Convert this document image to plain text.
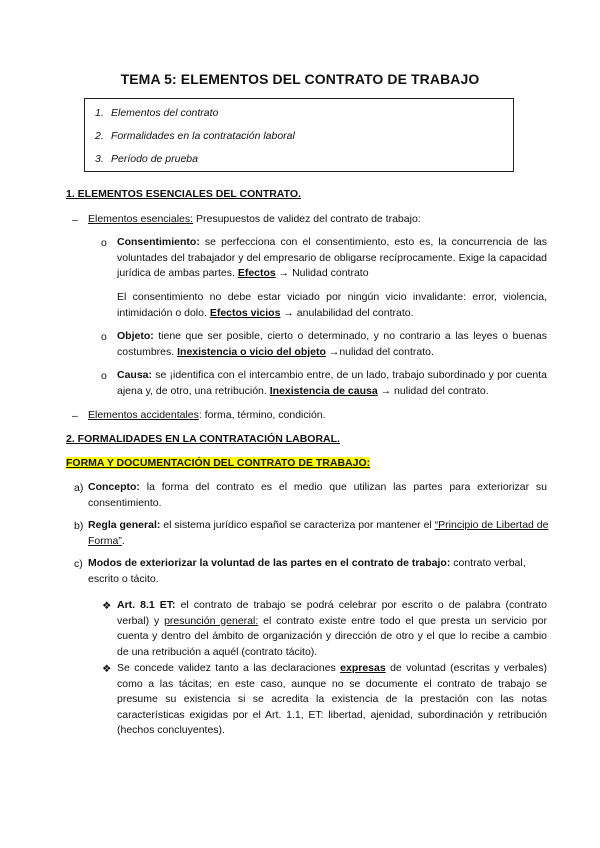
TEMA 5: ELEMENTOS DEL CONTRATO DE TRABAJO
1. Elementos del contrato
2. Formalidades en la contratación laboral
3. Período de prueba
1. ELEMENTOS ESENCIALES DEL CONTRATO.
– Elementos esenciales: Presupuestos de validez del contrato de trabajo:
o Consentimiento: se perfecciona con el consentimiento, esto es, la concurrencia de las voluntades del trabajador y del empresario de obligarse recíprocamente. Exige la capacidad jurídica de ambas partes. Efectos → Nulidad contrato
El consentimiento no debe estar viciado por ningún vicio invalidante: error, violencia, intimidación o dolo. Efectos vicios → anulabilidad del contrato.
o Objeto: tiene que ser posible, cierto o determinado, y no contrario a las leyes o buenas costumbres. Inexistencia o vicio del objeto →nulidad del contrato.
o Causa: se ¡identifica con el intercambio entre, de un lado, trabajo subordinado y por cuenta ajena y, de otro, una retribución. Inexistencia de causa → nulidad del contrato.
– Elementos accidentales: forma, término, condición.
2. FORMALIDADES EN LA CONTRATACIÓN LABORAL.
FORMA Y DOCUMENTACIÓN DEL CONTRATO DE TRABAJO:
a) Concepto: la forma del contrato es el medio que utilizan las partes para exteriorizar su consentimiento.
b) Regla general: el sistema jurídico español se caracteriza por mantener el “Principio de Libertad de Forma”.
c) Modos de exteriorizar la voluntad de las partes en el contrato de trabajo: contrato verbal, escrito o tácito.
❖ Art. 8.1 ET: el contrato de trabajo se podrá celebrar por escrito o de palabra (contrato verbal) y presunción general: el contrato existe entre todo el que presta un servicio por cuenta y dentro del ámbito de organización y dirección de otro y el que lo recibe a cambio de una retribución a aquél (contrato tácito).
❖ Se concede validez tanto a las declaraciones expresas de voluntad (escritas y verbales) como a las tácitas; en este caso, aunque no se documente el contrato de trabajo se presume su existencia si se acredita la existencia de la prestación con las notas características exigidas por el Art. 1.1, ET: libertad, ajenidad, subordinación y retribución (hechos concluyentes).
